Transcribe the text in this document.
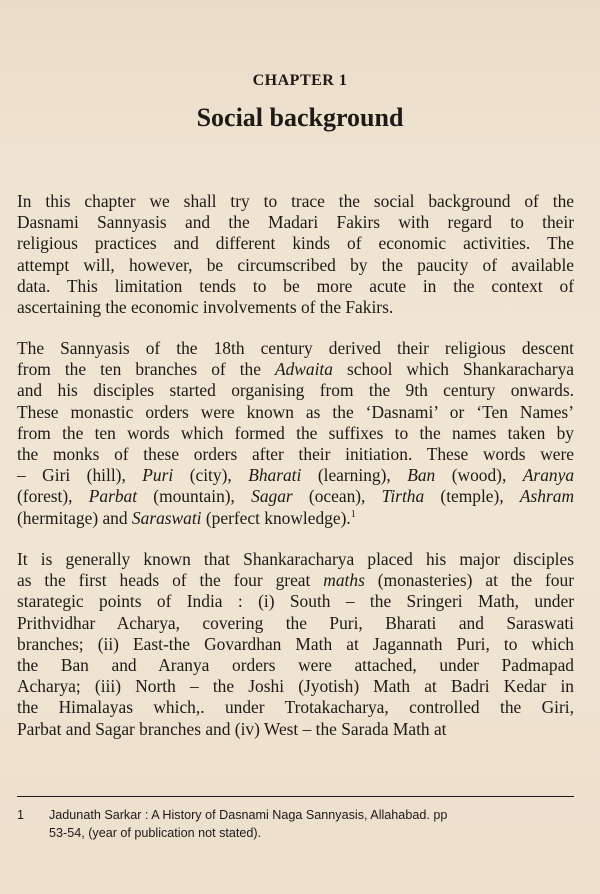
CHAPTER 1
Social background
In this chapter we shall try to trace the social background of the
Dasnami Sannyasis and the Madari Fakirs with regard to their
religious practices and different kinds of economic activities. The
attempt will, however, be circumscribed by the paucity of available
data. This limitation tends to be more acute in the context of
ascertaining the economic involvements of the Fakirs.
The Sannyasis of the 18th century derived their religious descent
from the ten branches of the Adwaita school which Shankaracharya
and his disciples started organising from the 9th century onwards.
These monastic orders were known as the ‘Dasnami’ or ‘Ten Names’
from the ten words which formed the suffixes to the names taken by
the monks of these orders after their initiation. These words were
– Giri (hill), Puri (city), Bharati (learning), Ban (wood), Aranya
(forest), Parbat (mountain), Sagar (ocean), Tirtha (temple), Ashram
(hermitage) and Saraswati (perfect knowledge).$^1$
It is generally known that Shankaracharya placed his major disciples
as the first heads of the four great maths (monasteries) at the four
starategic points of India : (i) South – the Sringeri Math, under
Prithvidhar Acharya, covering the Puri, Bharati and Saraswati
branches; (ii) East-the Govardhan Math at Jagannath Puri, to which
the Ban and Aranya orders were attached, under Padmapad
Acharya; (iii) North – the Joshi (Jyotish) Math at Badri Kedar in
the Himalayas which,. under Trotakacharya, controlled the Giri,
Parbat and Sagar branches and (iv) West – the Sarada Math at
1 Jadunath Sarkar : A History of Dasnami Naga Sannyasis, Allahabad. pp
53-54, (year of publication not stated).
